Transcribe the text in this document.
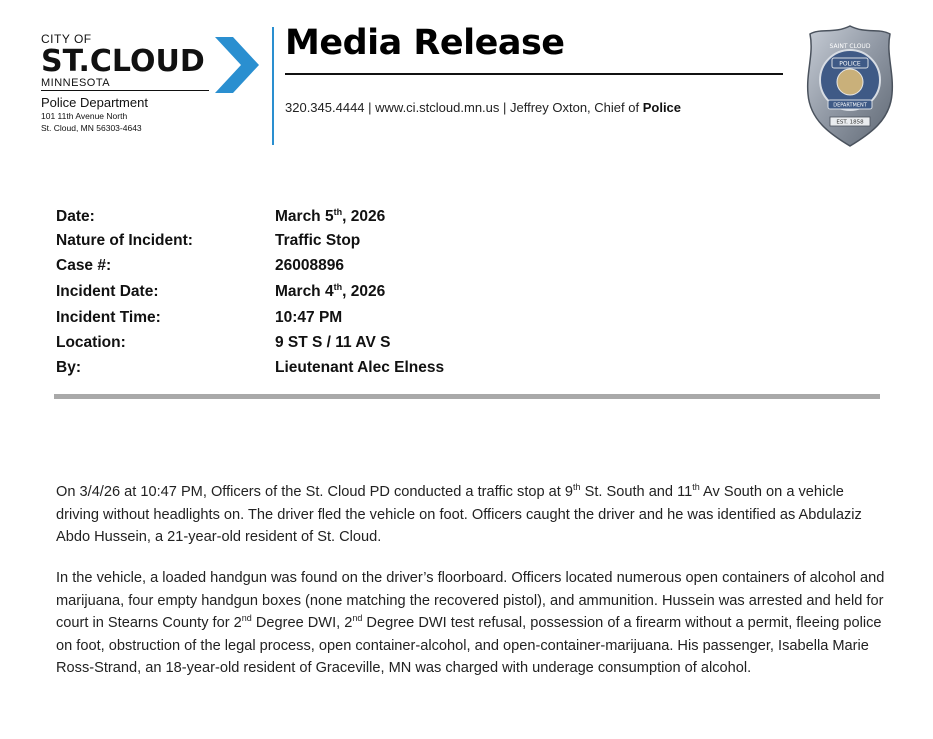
CITY OF
ST.CLOUD
MINNESOTA
Police Department
101 11th Avenue North
St. Cloud, MN 56303-4643
Media Release
320.345.4444 | www.ci.stcloud.mn.us | Jeffrey Oxton, Chief of Police
POLICE
SAINT CLOUD
DEPARTMENT
EST. 1858
Date:	March 5th, 2026
Nature of Incident:	Traffic Stop
Case #:	26008896
Incident Date:	March 4th, 2026
Incident Time:	10:47 PM
Location:	9 ST S / 11 AV S
By:	Lieutenant Alec Elness
On 3/4/26 at 10:47 PM, Officers of the St. Cloud PD conducted a traffic stop at 9th St. South and 11th Av South on a vehicle driving without headlights on. The driver fled the vehicle on foot. Officers caught the driver and he was identified as Abdulaziz Abdo Hussein, a 21-year-old resident of St. Cloud.
In the vehicle, a loaded handgun was found on the driver’s floorboard. Officers located numerous open containers of alcohol and marijuana, four empty handgun boxes (none matching the recovered pistol), and ammunition. Hussein was arrested and held for court in Stearns County for 2nd Degree DWI, 2nd Degree DWI test refusal, possession of a firearm without a permit, fleeing police on foot, obstruction of the legal process, open container-alcohol, and open-container-marijuana. His passenger, Isabella Marie Ross-Strand, an 18-year-old resident of Graceville, MN was charged with underage consumption of alcohol.
